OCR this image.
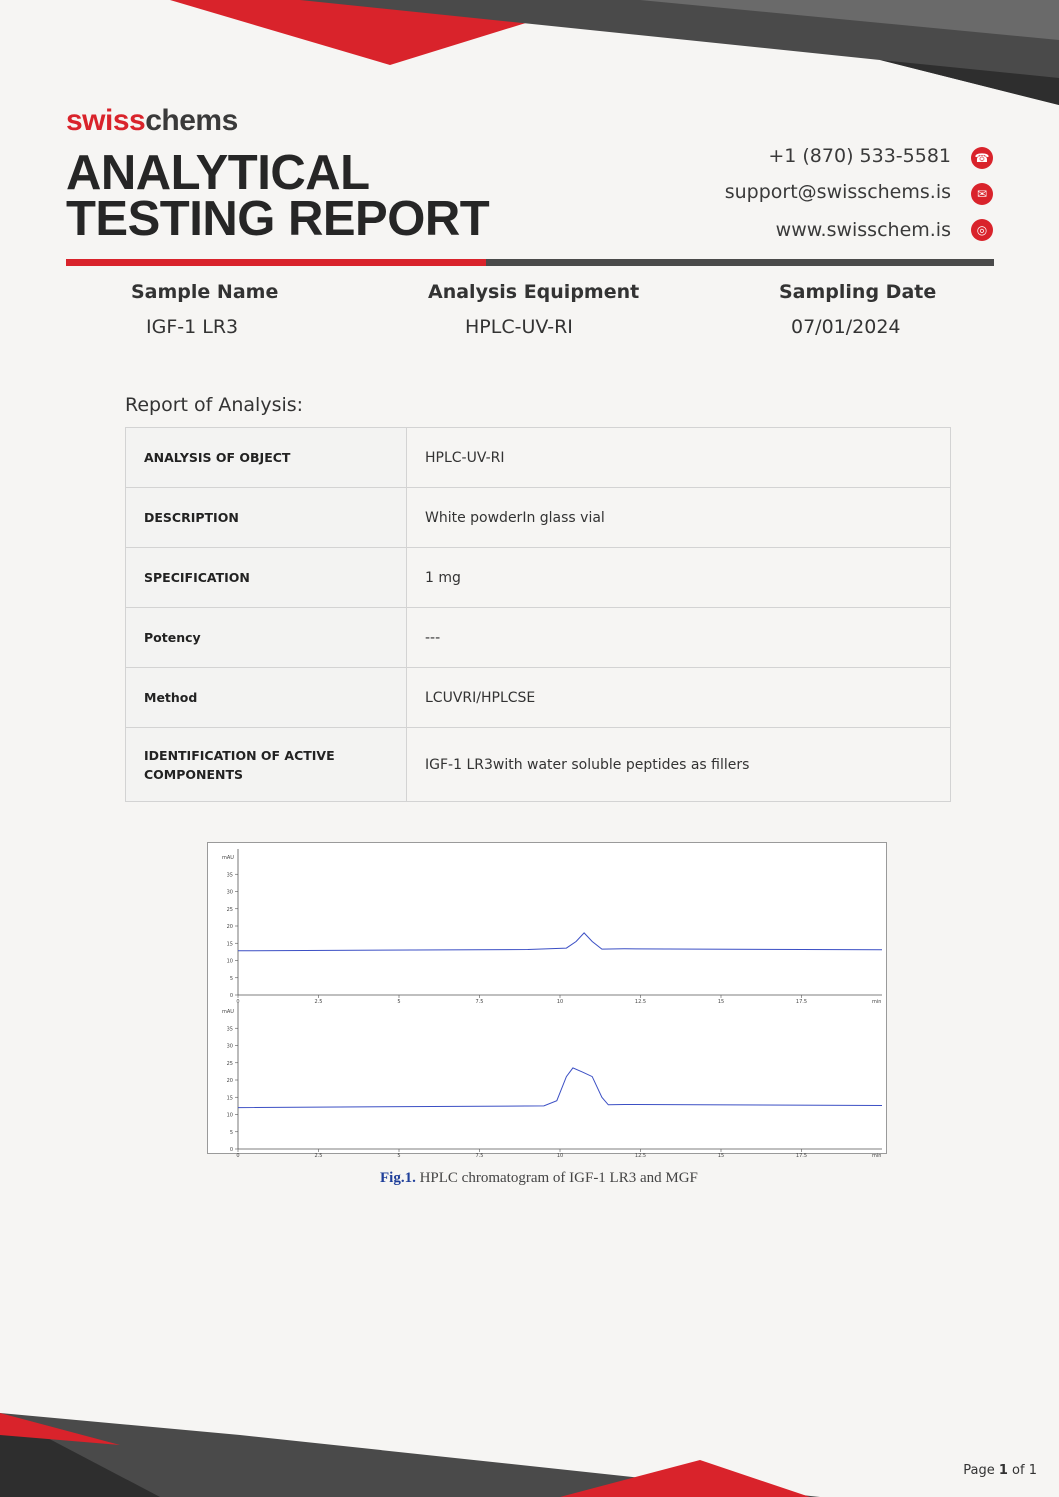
swisschems
ANALYTICAL
TESTING REPORT
+1 (870) 533-5581 ☎
support@swisschems.is	✉
www.swisschem.is	◎
Sample Name
IGF-1 LR3
Analysis Equipment
HPLC-UV-RI
Sampling Date
07/01/2024
Report of Analysis:
ANALYSIS OF OBJECT	HPLC-UV-RI
DESCRIPTION	White powderIn glass vial
SPECIFICATION	1 mg
Potency	---
Method	LCUVRI/HPLCSE
IDENTIFICATION OF ACTIVE COMPONENTS	IGF-1 LR3with water soluble peptides as fillers
mAU
min
0
5
10
15
20
25
30
35
0	2.5	5	7.5	10	12.5	15	17.5
mAU
min
0
5
10
15
20
25
30
35
0	2.5	5	7.5	10	12.5	15	17.5
Fig.1. HPLC chromatogram of IGF-1 LR3 and MGF
Page 1 of 1
